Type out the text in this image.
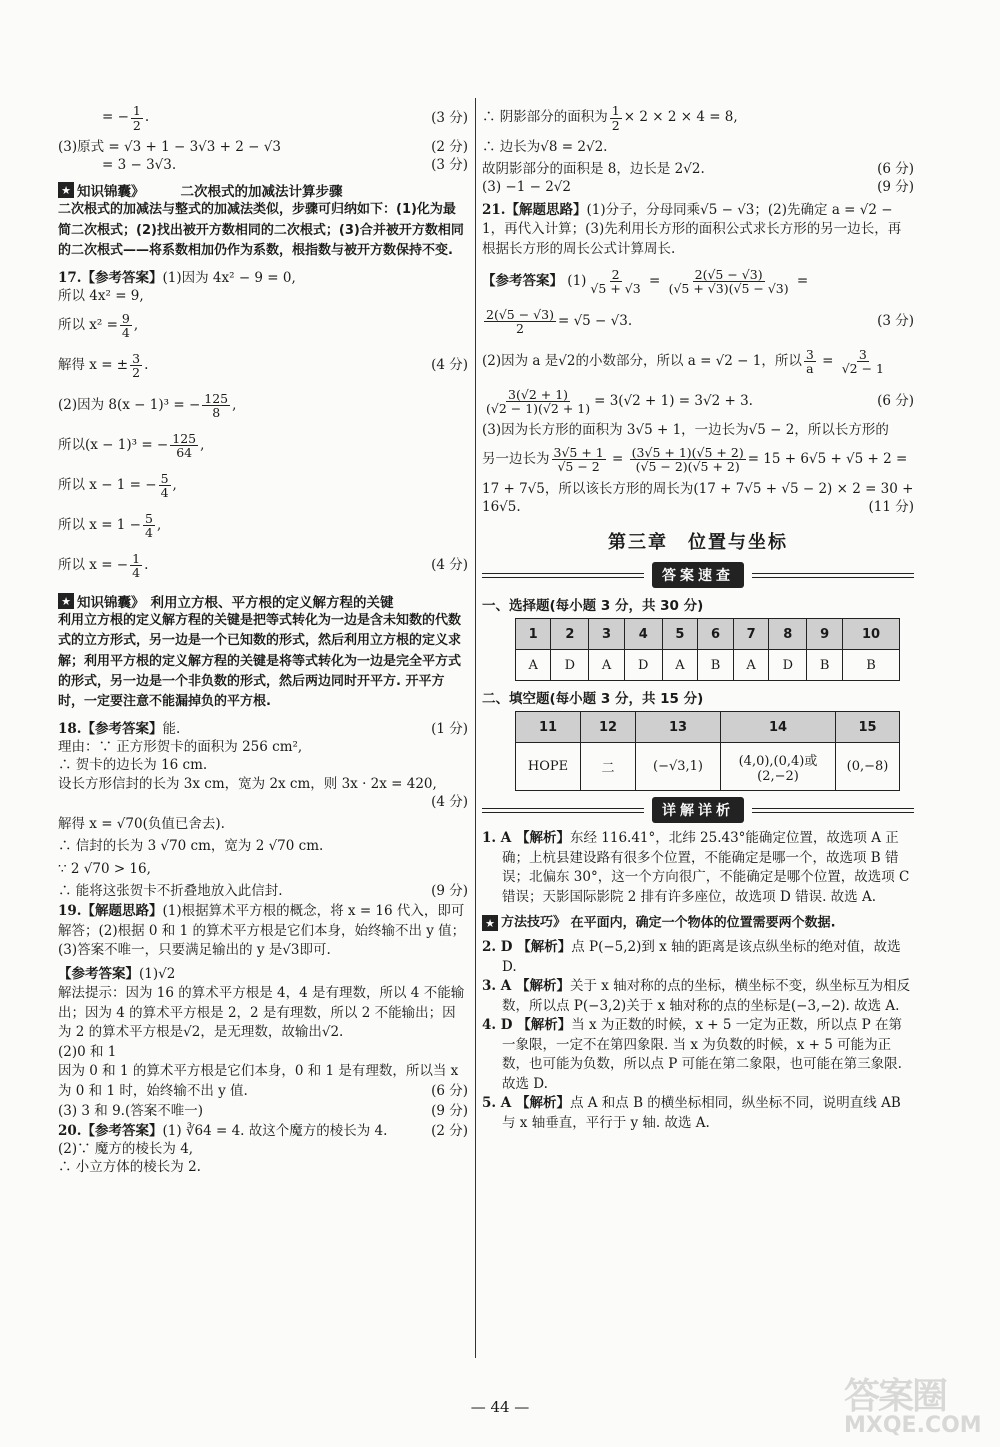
= − $\frac{1}{2}$ .	(3 分)
(3)原式 = √3 + 1 − 3√3 + 2 − √3	(2 分)
= 3 − 3√3.	(3 分)
★ 知识锦囊 》	二次根式的加减法计算步骤
二次根式的加减法与整式的加减法类似，步骤可归纳如下：(1)化为最简二次根式；(2)找出被开方数相同的二次根式；(3)合并被开方数相同的二次根式——将系数相加仍作为系数，根指数与被开方数保持不变.
17.【参考答案】(1)因为 4x² − 9 = 0,
所以 4x² = 9,
所以 $x^2 = \frac{9}{4}$ ,
解得 x = ± $\frac{3}{2}$ .	(4 分)
(2)因为 8(x − 1)³ = − $\frac{125}{8}$ ,
所以(x − 1)³ = − $\frac{125}{64}$ ,
所以 x − 1 = − $\frac{5}{4}$ ,
所以 $x = 1 - \frac{5}{4}$ ,
所以 x = − $\frac{1}{4}$ .	(4 分)
★ 知识锦囊 》 利用立方根、平方根的定义解方程的关键
利用立方根的定义解方程的关键是把等式转化为一边是含未知数的代数式的立方形式，另一边是一个已知数的形式，然后利用立方根的定义求解；利用平方根的定义解方程的关键是将等式转化为一边是完全平方式的形式，另一边是一个非负数的形式，然后两边同时开平方. 开平方时，一定要注意不能漏掉负的平方根.
18.【参考答案】能.	(1 分)
理由：∵ 正方形贺卡的面积为 256 cm²,
∴ 贺卡的边长为 16 cm.
设长方形信封的长为 3x cm，宽为 2x cm，则 3x · 2x = 420,
(4 分)
解得 x = √70(负值已舍去).
∴ 信封的长为 3 √70 cm，宽为 2 √70 cm.
∵ 2 √70 > 16,
∴ 能将这张贺卡不折叠地放入此信封.	(9 分)
19.【解题思路】(1)根据算术平方根的概念，将 x = 16 代入，即可解答；(2)根据 0 和 1 的算术平方根是它们本身，始终输不出 y 值；(3)答案不唯一，只要满足输出的 y 是√3即可.
【参考答案】(1)√2
解法提示：因为 16 的算术平方根是 4，4 是有理数，所以 4 不能输出；因为 4 的算术平方根是 2，2 是有理数，所以 2 不能输出；因为 2 的算术平方根是√2，是无理数，故输出√2.
(2)0 和 1
因为 0 和 1 的算术平方根是它们本身，0 和 1 是有理数，所以当 x 为 0 和 1 时，始终输不出 y 值.	(6 分)
(3) 3 和 9.(答案不唯一)	(9 分)
20.【参考答案】(1) ∛64 = 4. 故这个魔方的棱长为 4.	(2 分)
(2)∵ 魔方的棱长为 4,
∴ 小立方体的棱长为 2.
∴ 阴影部分的面积为 $\frac{1}{2} \times 2 \times 2 \times 4 = 8$,
∴ 边长为√8 = 2√2.
故阴影部分的面积是 8，边长是 2√2.	(6 分)
(3) −1 − 2√2	(9 分)
21.【解题思路】(1)分子，分母同乘√5 − √3；(2)先确定 a = √2 − 1，再代入计算；(3)先利用长方形的面积公式求长方形的另一边长，再根据长方形的周长公式计算周长.
【参考答案】 $(1) \frac{2}{√5 + √3} = \frac{2(√5 - √3)}{(√5 + √3)(√5 - √3)}$ =
$\frac{2(√5 - √3)}{2} = √5 - √3$.	(3 分)
(2)因为 a 是√2的小数部分，所以 a = √2 − 1，所以 $\frac{3}{a} = \frac{3}{√2 - 1}$
$\frac{3(√2 + 1)}{(√2 - 1)(√2 + 1)} = 3(√2 + 1) = 3√2 + 3$.	(6 分)
(3)因为长方形的面积为 3√5 + 1，一边长为√5 − 2，所以长方形的
另一边长为 $\frac{3√5 + 1}{√5 - 2} = \frac{(3√5 + 1)(√5 + 2)}{(√5 - 2)(√5 + 2)} = 15 + 6√5 + √5 + 2$ =
17 + 7√5，所以该长方形的周长为(17 + 7√5 + √5 − 2) × 2 = 30 +
16√5.	(11 分)
第三章　位置与坐标
答案速查
一、选择题(每小题 3 分，共 30 分)
1	2	3	4	5	6	7	8	9	10
A	D	A	D	A	B	A	D	B	B
二、填空题(每小题 3 分，共 15 分)
11	12	13	14	15
HOPE	二	(−√3,1)	(4,0),(0,4)或(2,−2)	(0,−8)
详解详析
1. A 【解析】东经 116.41°，北纬 25.43°能确定位置，故选项 A 正确；上杭县建设路有很多个位置，不能确定是哪一个，故选项 B 错误；北偏东 30°，这一个方向很广，不能确定是哪个位置，故选项 C 错误；天影国际影院 2 排有许多座位，故选项 D 错误. 故选 A.
★ 方法技巧 》 在平面内，确定一个物体的位置需要两个数据.
2. D 【解析】点 P(−5,2)到 x 轴的距离是该点纵坐标的绝对值，故选 D.
3. A 【解析】关于 x 轴对称的点的坐标，横坐标不变，纵坐标互为相反数，所以点 P(−3,2)关于 x 轴对称的点的坐标是(−3,−2). 故选 A.
4. D 【解析】当 x 为正数的时候，x + 5 一定为正数，所以点 P 在第一象限，一定不在第四象限. 当 x 为负数的时候，x + 5 可能为正数，也可能为负数，所以点 P 可能在第二象限，也可能在第三象限. 故选 D.
5. A 【解析】点 A 和点 B 的横坐标相同，纵坐标不同，说明直线 AB 与 x 轴垂直，平行于 y 轴. 故选 A.
— 44 —	答案圈
MXQE.COM
